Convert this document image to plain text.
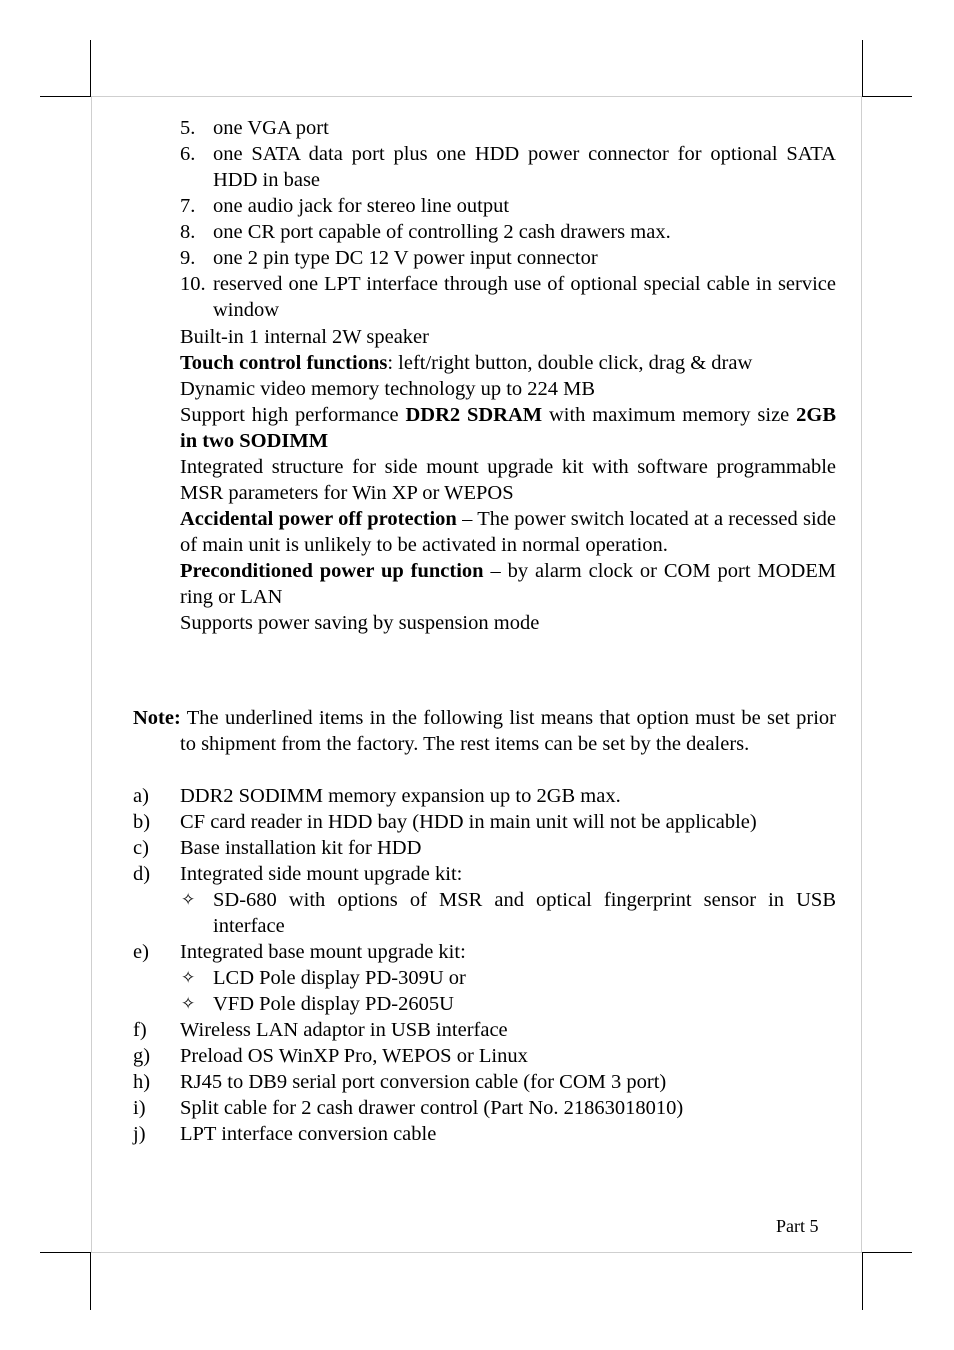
5. one VGA port
6. one SATA data port plus one HDD power connector for optional SATA HDD in base
7. one audio jack for stereo line output
8. one CR port capable of controlling 2 cash drawers max.
9. one 2 pin type DC 12 V power input connector
10. reserved one LPT interface through use of optional special cable in service window
Built-in 1 internal 2W speaker
Touch control functions: left/right button, double click, drag & draw
Dynamic video memory technology up to 224 MB
Support high performance DDR2 SDRAM with maximum memory size 2GB in two SODIMM
Integrated structure for side mount upgrade kit with software programmable MSR parameters for Win XP or WEPOS
Accidental power off protection – The power switch located at a recessed side of main unit is unlikely to be activated in normal operation.
Preconditioned power up function – by alarm clock or COM port MODEM ring or LAN
Supports power saving by suspension mode
Note: The underlined items in the following list means that option must be set prior to shipment from the factory. The rest items can be set by the dealers.
a) DDR2 SODIMM memory expansion up to 2GB max.
b) CF card reader in HDD bay (HDD in main unit will not be applicable)
c) Base installation kit for HDD
d) Integrated side mount upgrade kit:
✧ SD-680 with options of MSR and optical fingerprint sensor in USB interface
e) Integrated base mount upgrade kit:
✧ LCD Pole display PD-309U or
✧ VFD Pole display PD-2605U
f) Wireless LAN adaptor in USB interface
g) Preload OS WinXP Pro, WEPOS or Linux
h) RJ45 to DB9 serial port conversion cable (for COM 3 port)
i) Split cable for 2 cash drawer control (Part No. 21863018010)
j) LPT interface conversion cable
Part 5
